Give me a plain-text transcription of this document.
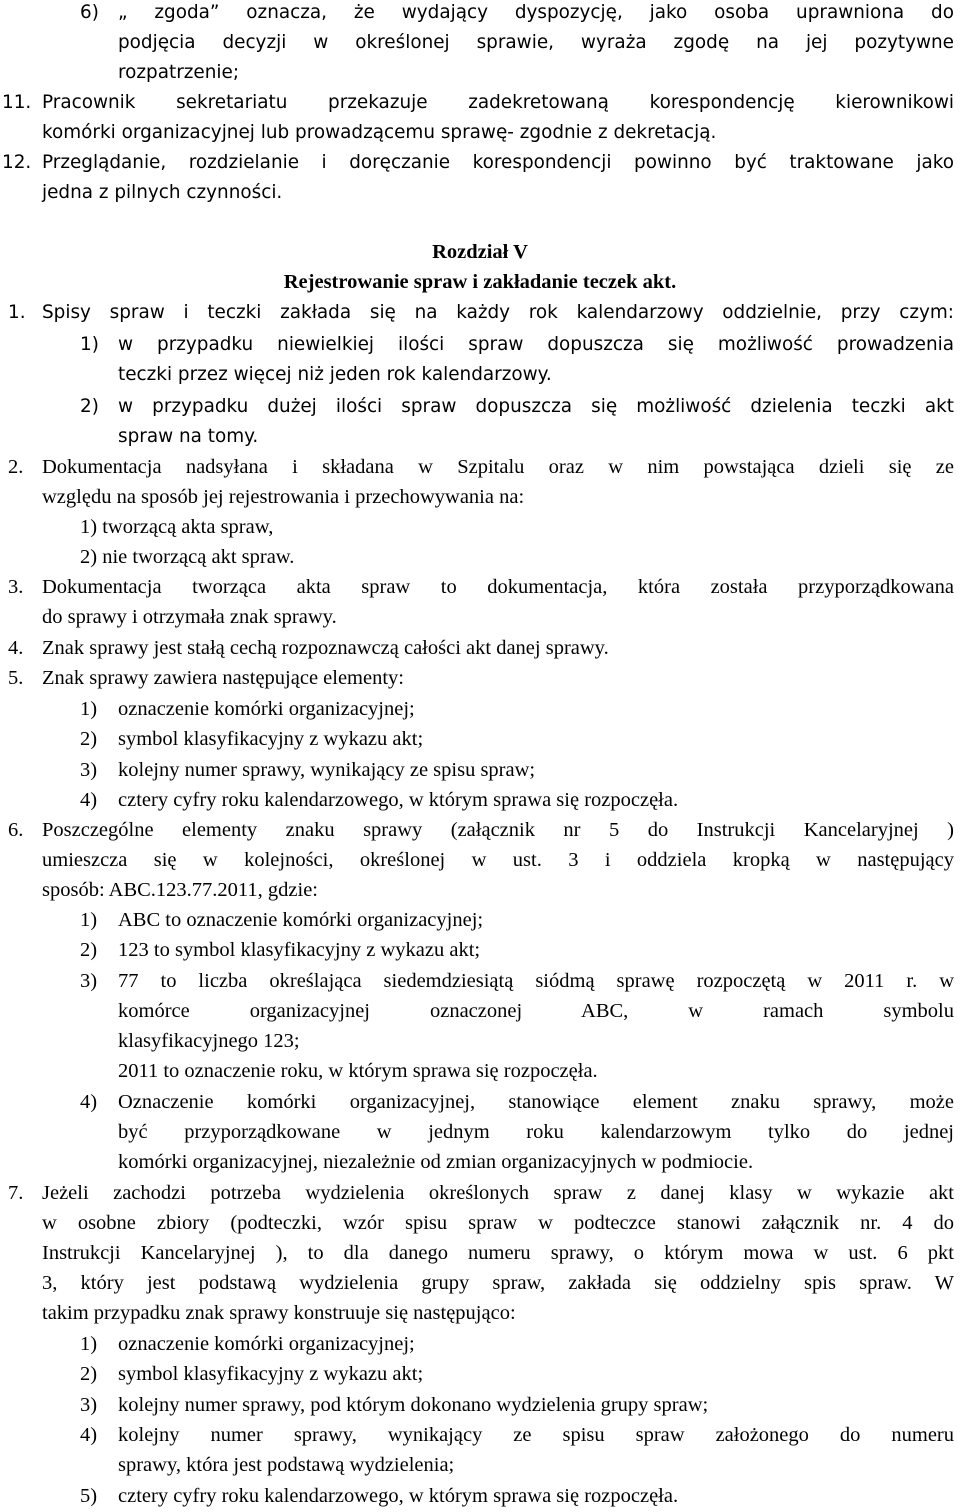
6) „ zgoda” oznacza, że wydający dyspozycję, jako osoba uprawniona do
podjęcia decyzji w określonej sprawie, wyraża zgodę na jej pozytywne
rozpatrzenie;
11. Pracownik sekretariatu przekazuje zadekretowaną korespondencję kierownikowi
komórki organizacyjnej lub prowadzącemu sprawę- zgodnie z dekretacją.
12. Przeglądanie, rozdzielanie i doręczanie korespondencji powinno być traktowane jako
jedna z pilnych czynności.
Rozdział V
Rejestrowanie spraw i zakładanie teczek akt.
1. Spisy spraw i teczki zakłada się na każdy rok kalendarzowy oddzielnie, przy czym:
1) w przypadku niewielkiej ilości spraw dopuszcza się możliwość prowadzenia
teczki przez więcej niż jeden rok kalendarzowy.
2) w przypadku dużej ilości spraw dopuszcza się możliwość dzielenia teczki akt
spraw na tomy.
2. Dokumentacja nadsyłana i składana w Szpitalu oraz w nim powstająca dzieli się ze
względu na sposób jej rejestrowania i przechowywania na:
1) tworzącą akta spraw,
2) nie tworzącą akt spraw.
3. Dokumentacja tworząca akta spraw to dokumentacja, która została przyporządkowana
do sprawy i otrzymała znak sprawy.
4. Znak sprawy jest stałą cechą rozpoznawczą całości akt danej sprawy.
5. Znak sprawy zawiera następujące elementy:
1) oznaczenie komórki organizacyjnej;
2) symbol klasyfikacyjny z wykazu akt;
3) kolejny numer sprawy, wynikający ze spisu spraw;
4) cztery cyfry roku kalendarzowego, w którym sprawa się rozpoczęła.
6. Poszczególne elementy znaku sprawy (załącznik nr 5 do Instrukcji Kancelaryjnej )
umieszcza się w kolejności, określonej w ust. 3 i oddziela kropką w następujący
sposób: ABC.123.77.2011, gdzie:
1) ABC to oznaczenie komórki organizacyjnej;
2) 123 to symbol klasyfikacyjny z wykazu akt;
3) 77 to liczba określająca siedemdziesiątą siódmą sprawę rozpoczętą w 2011 r. w
komórce organizacyjnej oznaczonej ABC, w ramach symbolu
klasyfikacyjnego 123;
2011 to oznaczenie roku, w którym sprawa się rozpoczęła.
4) Oznaczenie komórki organizacyjnej, stanowiące element znaku sprawy, może
być przyporządkowane w jednym roku kalendarzowym tylko do jednej
komórki organizacyjnej, niezależnie od zmian organizacyjnych w podmiocie.
7. Jeżeli zachodzi potrzeba wydzielenia określonych spraw z danej klasy w wykazie akt
w osobne zbiory (podteczki, wzór spisu spraw w podteczce stanowi załącznik nr. 4 do
Instrukcji Kancelaryjnej ), to dla danego numeru sprawy, o którym mowa w ust. 6 pkt
3, który jest podstawą wydzielenia grupy spraw, zakłada się oddzielny spis spraw. W
takim przypadku znak sprawy konstruuje się następująco:
1) oznaczenie komórki organizacyjnej;
2) symbol klasyfikacyjny z wykazu akt;
3) kolejny numer sprawy, pod którym dokonano wydzielenia grupy spraw;
4) kolejny numer sprawy, wynikający ze spisu spraw założonego do numeru
sprawy, która jest podstawą wydzielenia;
5) cztery cyfry roku kalendarzowego, w którym sprawa się rozpoczęła.
